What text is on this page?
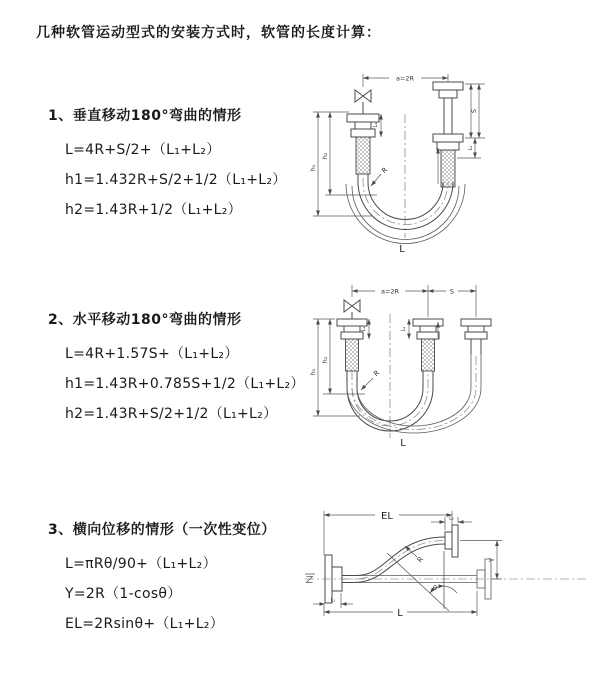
几种软管运动型式的安装方式时，软管的长度计算：
1、垂直移动180°弯曲的情形
L=4R+S/2+（L₁+L₂）
h1=1.432R+S/2+1/2（L₁+L₂）
h2=1.43R+1/2（L₁+L₂）
2、水平移动180°弯曲的情形
L=4R+1.57S+（L₁+L₂）
h1=1.43R+0.785S+1/2（L₁+L₂）
h2=1.43R+S/2+1/2（L₁+L₂）
3、横向位移的情形（一次性变位）
L=πRθ/90+（L₁+L₂）
Y=2R（1-cosθ）
EL=2Rsinθ+（L₁+L₂）
a=2R
h₁
h₂
L₁
S
L₂
R
L
a=2R	S
h₁
h₂
L₁	L₂
R
L
EL	L₂
Y
θ
R
L
L₁
